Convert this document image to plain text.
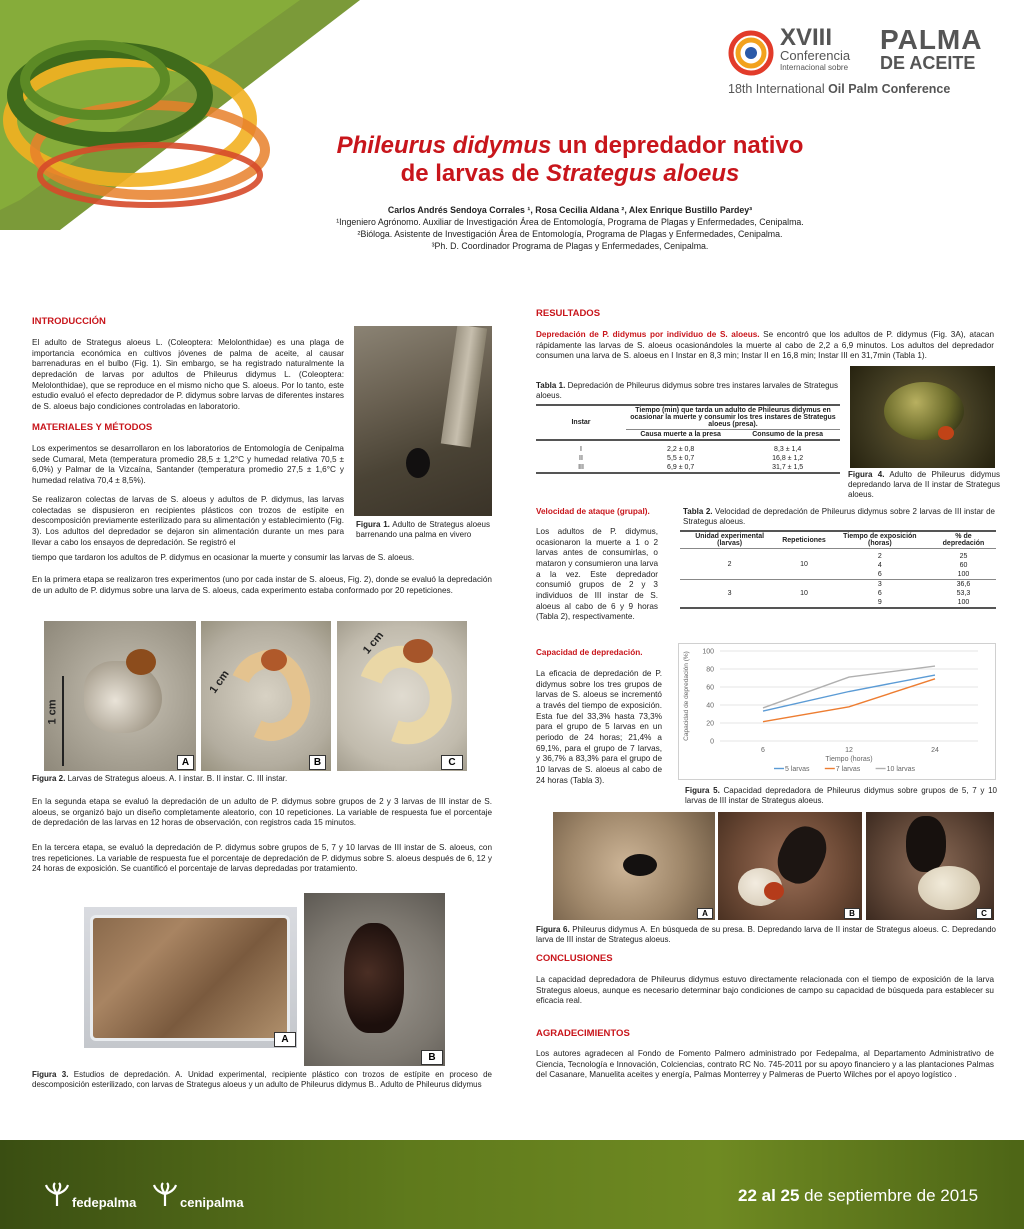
XVIII
Conferencia
Internacional sobre
PALMA
DE ACEITE
18th International Oil Palm Conference
Phileurus didymus un depredador nativo
de larvas de Strategus aloeus
Carlos Andrés Sendoya Corrales ¹, Rosa Cecilia Aldana ², Alex Enrique Bustillo Pardey³
¹Ingeniero Agrónomo. Auxiliar de Investigación Área de Entomología, Programa de Plagas y Enfermedades, Cenipalma.
²Bióloga. Asistente de Investigación Área de Entomología, Programa de Plagas y Enfermedades, Cenipalma.
³Ph. D. Coordinador Programa de Plagas y Enfermedades, Cenipalma.
INTRODUCCIÓN
El adulto de Strategus aloeus L. (Coleoptera: Melolonthidae) es una plaga de importancia económica en cultivos jóvenes de palma de aceite, al causar barrenaduras en el bulbo (Fig. 1). Sin embargo, se ha registrado naturalmente la depredación de larvas por adultos de Phileurus didymus L. (Coleoptera: Melolonthidae), que se reproduce en el mismo nicho que S. aloeus. Por lo tanto, este estudio evaluó el efecto depredador de P. didymus sobre larvas de diferentes instares de S. aloeus bajo condiciones controladas en laboratorio.
Figura 1. Adulto de Strategus aloeus barrenando una palma en vivero
MATERIALES Y MÉTODOS
Los experimentos se desarrollaron en los laboratorios de Entomología de Cenipalma sede Cumaral, Meta (temperatura promedio 28,5 ± 1,2°C y humedad relativa 70,5 ± 6,0%) y Palmar de la Vizcaína, Santander (temperatura promedio 27,5 ± 1,6°C y humedad relativa 70,4 ± 8,5%).
Se realizaron colectas de larvas de S. aloeus y adultos de P. didymus, las larvas colectadas se dispusieron en recipientes plásticos con trozos de estípite en descomposición previamente esterilizado para su alimentación y establecimiento (Fig. 3). Los adultos del depredador se dejaron sin alimentación durante un mes para llevar a cabo los ensayos de depredación. Se registró el
tiempo que tardaron los adultos de P. didymus en ocasionar la muerte y consumir las larvas de S. aloeus.
En la primera etapa se realizaron tres experimentos (uno por cada instar de S. aloeus, Fig. 2), donde se evaluó la depredación de un adulto de P. didymus sobre una larva de S. aloeus, cada experimento estaba conformado por 20 repeticiones.
1 cm
A
1 cm
B
1 cm
C
Figura 2. Larvas de Strategus aloeus. A. I instar. B. II instar. C. III instar.
En la segunda etapa se evaluó la depredación de un adulto de P. didymus sobre grupos de 2 y 3 larvas de III instar de S. aloeus, se organizó bajo un diseño completamente aleatorio, con 10 repeticiones. La variable de respuesta fue el porcentaje de depredación de las larvas en 12 horas de observación, con registros cada 15 minutos.
En la tercera etapa, se evaluó la depredación de P. didymus sobre grupos de 5, 7 y 10 larvas de III instar de S. aloeus, con tres repeticiones. La variable de respuesta fue el porcentaje de depredación de P. didymus sobre S. aloeus después de 6, 12 y 24 horas de exposición. Se cuantificó el porcentaje de larvas depredadas por tratamiento.
A
B
Figura 3. Estudios de depredación. A. Unidad experimental, recipiente plástico con trozos de estípite en proceso de descomposición esterilizado, con larvas de Strategus aloeus y un adulto de Phileurus didymus B.. Adulto de Phileurus didymus
RESULTADOS
Depredación de P. didymus por individuo de S. aloeus. Se encontró que los adultos de P. didymus (Fig. 3A), atacan rápidamente las larvas de S. aloeus ocasionándoles la muerte al cabo de 2,2 a 6,9 minutos. Los adultos del depredador consumen una larva de S. aloeus en I Instar en 8,3 min; Instar II en 16,8 min; Instar III en 31,7min (Tabla 1).
Tabla 1. Depredación de Phileurus didymus sobre tres instares larvales de Strategus aloeus.
Instar	Tiempo (min) que tarda un adulto de Phileurus didymus en ocasionar la muerte y consumir los tres instares de Strategus aloeus (presa).	
	Causa muerte a la presa	Consumo de la presa
I	2,2 ± 0,8	8,3 ± 1,4
II	5,5 ± 0,7	16,8 ± 1,2
III	6,9 ± 0,7	31,7 ± 1,5
Figura 4. Adulto de Phileurus didymus depredando larva de II instar de Strategus aloeus.
Velocidad de ataque (grupal).
Los adultos de P. didymus, ocasionaron la muerte a 1 o 2 larvas antes de consumirlas, o mataron y consumieron una larva a la vez. Este depredador consumió grupos de 2 y 3 individuos de III instar de S. aloeus al cabo de 6 y 9 horas (Tabla 2), respectivamente.
Tabla 2. Velocidad de depredación de Phileurus didymus sobre 2 larvas de III instar de Strategus aloeus.
Unidad experimental (larvas)	Repeticiones	Tiempo de exposición (horas)	% de depredación
2	10	2	25
		4	60
		6	100
3	10	3	36,6
		6	53,3
		9	100
Capacidad de depredación.
La eficacia de depredación de P. didymus sobre los tres grupos de larvas de S. aloeus se incrementó a través del tiempo de exposición. Esta fue del 33,3% hasta 73,3% para el grupo de 5 larvas en un periodo de 24 horas; 21,4% a 69,1%, para el grupo de 7 larvas, y 36,7% a 83,3% para el grupo de 10 larvas de S. aloeus al cabo de 24 horas (Tabla 3).
0
20
40
60
80
100
6	12	24
Tiempo (horas)
Capacidad de depredación (%)
5 larvas	7 larvas	10 larvas
Figura 5. Capacidad depredadora de Phileurus didymus sobre grupos de 5, 7 y 10 larvas de III instar de Strategus aloeus.
A	B	C
Figura 6. Phileurus didymus A. En búsqueda de su presa. B. Depredando larva de II instar de Strategus aloeus. C. Depredando larva de III instar de Strategus aloeus.
CONCLUSIONES
La capacidad depredadora de Phileurus didymus estuvo directamente relacionada con el tiempo de exposición de la larva Strategus aloeus, aunque es necesario determinar bajo condiciones de campo su capacidad de búsqueda para establecer su eficacia real.
AGRADECIMIENTOS
Los autores agradecen al Fondo de Fomento Palmero administrado por Fedepalma, al Departamento Administrativo de Ciencia, Tecnología e Innovación, Colciencias, contrato RC No. 745-2011 por su apoyo financiero y a las plantaciones Palmas del Casanare, Manuelita aceites y energía, Palmas Monterrey y Palmeras de Puerto Wilches por el apoyo logístico .
fedepalma	cenipalma	22 al 25 de septiembre de 2015
